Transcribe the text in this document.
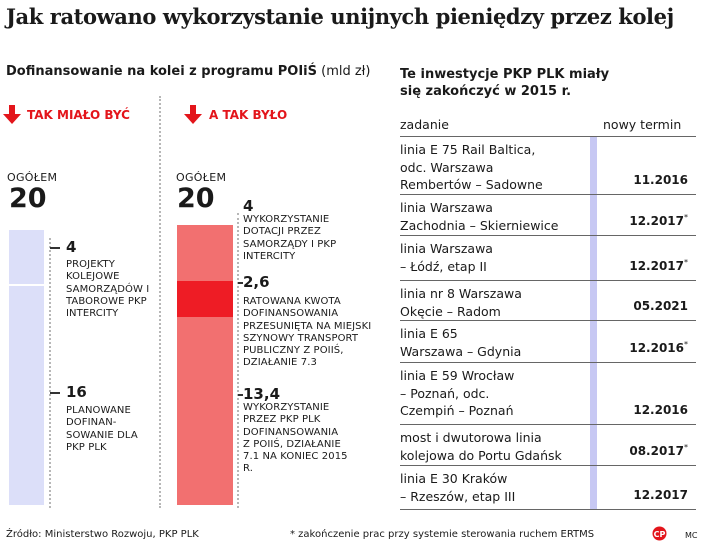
Jak ratowano wykorzystanie unijnych pieniędzy przez kolej
Dofinansowanie na kolei z programu POIiŚ (mld zł)
TAK MIAŁO BYĆ
OGÓŁEM
20
4
PROJEKTY KOLEJOWE SAMORZĄDÓW I TABOROWE PKP INTERCITY
16
PLANOWANE DOFINAN-SOWANIE DLA PKP PLK
A TAK BYŁO
OGÓŁEM
20 4
WYKORZYSTANIE DOTACJI PRZEZ SAMORZĄDY I PKP INTERCITY
2,6
RATOWANA KWOTA DOFINANSOWANIA PRZESUNIĘTA NA MIEJSKI SZYNOWY TRANSPORT PUBLICZNY Z POIIŚ, DZIAŁANIE 7.3
13,4
WYKORZYSTANIE PRZEZ PKP PLK DOFINANSOWANIA Z POIIŚ, DZIAŁANIE 7.1 NA KONIEC 2015 R.
Te inwestycje PKP PLK miały
się zakończyć w 2015 r.
zadanie	nowy termin
linia E 75 Rail Baltica,
odc. Warszawa
Rembertów – Sadowne	11.2016
linia Warszawa
Zachodnia – Skierniewice	12.2017*
linia Warszawa
– Łódź, etap II	12.2017*
linia nr 8 Warszawa
Okęcie – Radom	05.2021
linia E 65
Warszawa – Gdynia	12.2016*
linia E 59 Wrocław
– Poznań, odc.
Czempiń – Poznań	12.2016
most i dwutorowa linia
kolejowa do Portu Gdańsk	08.2017*
linia E 30 Kraków
– Rzeszów, etap III	12.2017
Źródło: Ministerstwo Rozwoju, PKP PLK	* zakończenie prac przy systemie sterowania ruchem ERTMS	CP MC
